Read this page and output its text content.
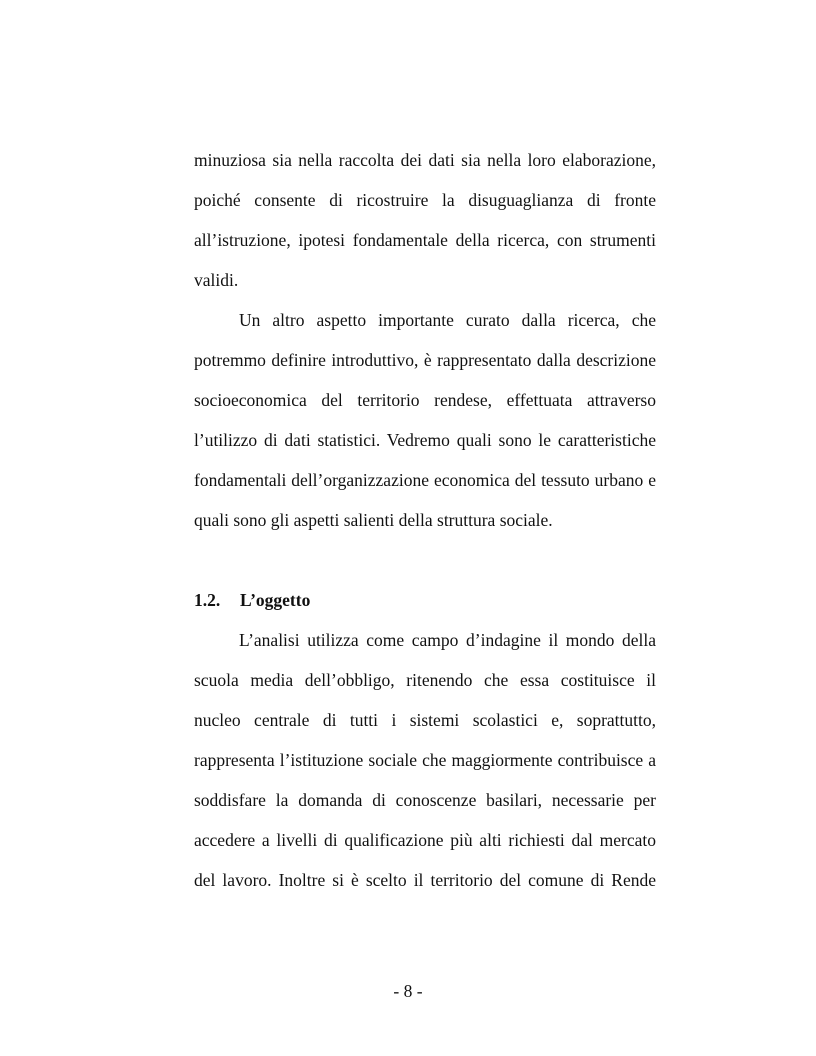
minuziosa sia nella raccolta dei dati sia nella loro elaborazione,
poiché consente di ricostruire la disuguaglianza di fronte
all’istruzione, ipotesi fondamentale della ricerca, con strumenti
validi.
Un altro aspetto importante curato dalla ricerca, che
potremmo definire introduttivo, è rappresentato dalla descrizione
socioeconomica del territorio rendese, effettuata attraverso
l’utilizzo di dati statistici. Vedremo quali sono le caratteristiche
fondamentali dell’organizzazione economica del tessuto urbano e
quali sono gli aspetti salienti della struttura sociale.
1.2. L’oggetto
L’analisi utilizza come campo d’indagine il mondo della
scuola media dell’obbligo, ritenendo che essa costituisce il
nucleo centrale di tutti i sistemi scolastici e, soprattutto,
rappresenta l’istituzione sociale che maggiormente contribuisce a
soddisfare la domanda di conoscenze basilari, necessarie per
accedere a livelli di qualificazione più alti richiesti dal mercato
del lavoro. Inoltre si è scelto il territorio del comune di Rende
- 8 -
